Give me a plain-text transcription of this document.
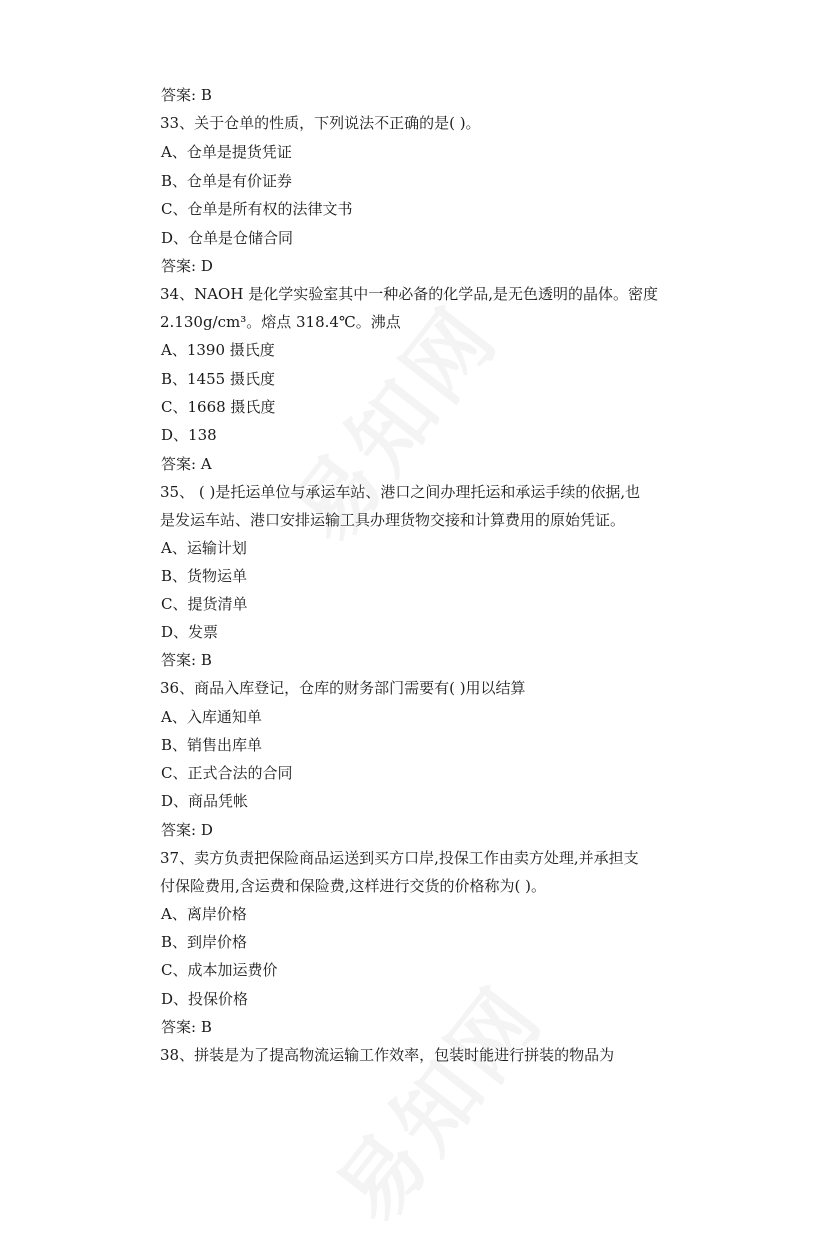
答案: B
33、关于仓单的性质，下列说法不正确的是( )。
A、仓单是提货凭证
B、仓单是有价证券
C、仓单是所有权的法律文书
D、仓单是仓储合同
答案: D
34、NAOH 是化学实验室其中一种必备的化学品,是无色透明的晶体。密度
2.130g/cm³。熔点 318.4℃。沸点
A、1390 摄氏度
B、1455 摄氏度
C、1668 摄氏度
D、138
答案: A
35、 ( )是托运单位与承运车站、港口之间办理托运和承运手续的依据,也
是发运车站、港口安排运输工具办理货物交接和计算费用的原始凭证。
A、运输计划
B、货物运单
C、提货清单
D、发票
答案: B
36、商品入库登记，仓库的财务部门需要有( )用以结算
A、入库通知单
B、销售出库单
C、正式合法的合同
D、商品凭帐
答案: D
37、卖方负责把保险商品运送到买方口岸,投保工作由卖方处理,并承担支
付保险费用,含运费和保险费,这样进行交货的价格称为( )。
A、离岸价格
B、到岸价格
C、成本加运费价
D、投保价格
答案: B
38、拼装是为了提高物流运输工作效率，包装时能进行拼装的物品为
